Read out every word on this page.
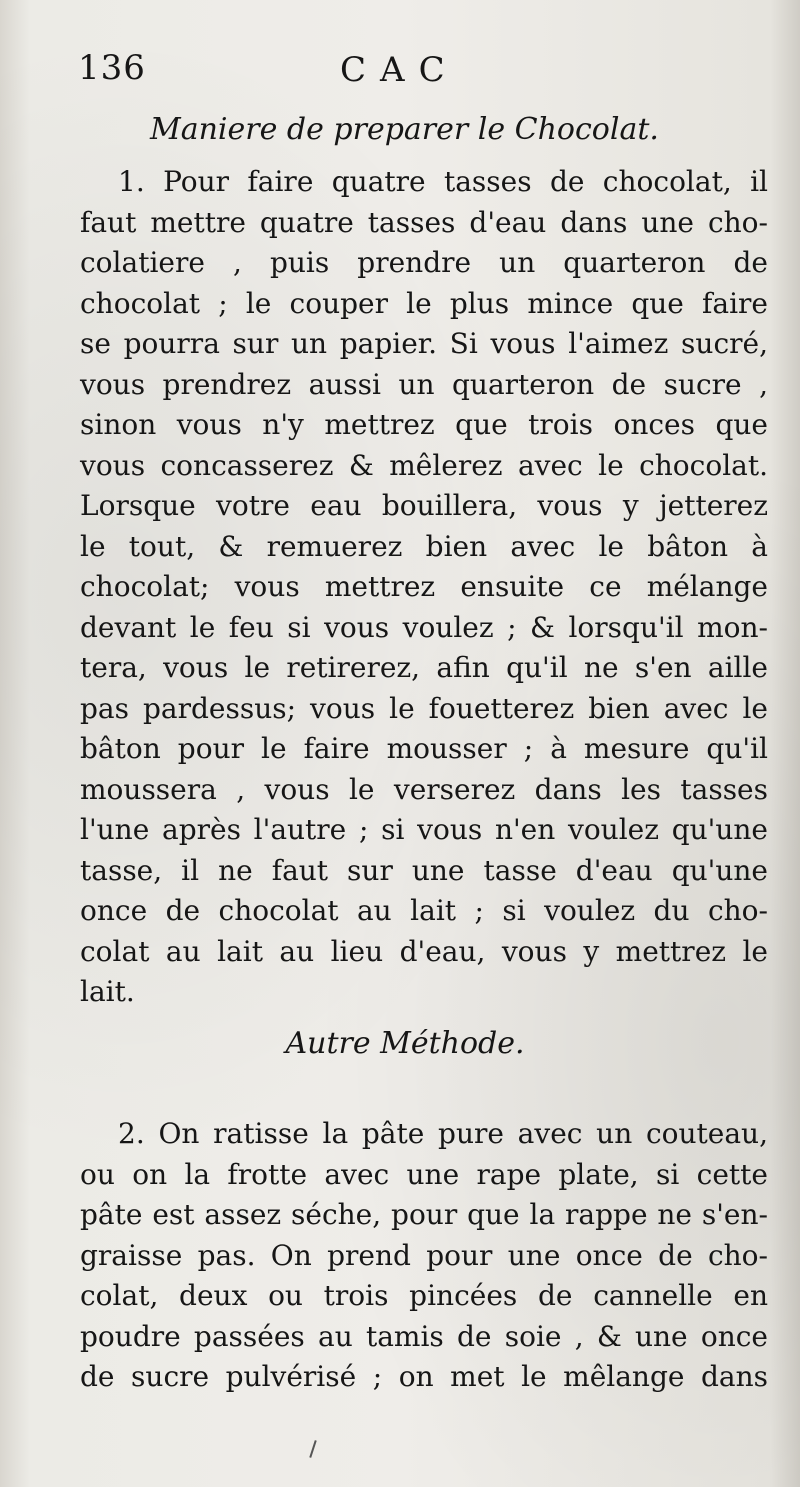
136	CAC
Maniere de preparer le Chocolat.
1. Pour faire quatre tasses de chocolat, il
faut mettre quatre tasses d'eau dans une cho-
colatiere , puis prendre un quarteron de
chocolat ; le couper le plus mince que faire
se pourra sur un papier. Si vous l'aimez sucré,
vous prendrez aussi un quarteron de sucre ,
sinon vous n'y mettrez que trois onces que
vous concasserez & mêlerez avec le chocolat.
Lorsque votre eau bouillera, vous y jetterez
le tout, & remuerez bien avec le bâton à
chocolat; vous mettrez ensuite ce mélange
devant le feu si vous voulez ; & lorsqu'il mon-
tera, vous le retirerez, afin qu'il ne s'en aille
pas pardessus; vous le fouetterez bien avec le
bâton pour le faire mousser ; à mesure qu'il
moussera , vous le verserez dans les tasses
l'une après l'autre ; si vous n'en voulez qu'une
tasse, il ne faut sur une tasse d'eau qu'une
once de chocolat au lait ; si voulez du cho-
colat au lait au lieu d'eau, vous y mettrez le
lait.
Autre Méthode.
2. On ratisse la pâte pure avec un couteau,
ou on la frotte avec une rape plate, si cette
pâte est assez séche, pour que la rappe ne s'en-
graisse pas. On prend pour une once de cho-
colat, deux ou trois pincées de cannelle en
poudre passées au tamis de soie , & une once
de sucre pulvérisé ; on met le mêlange dans
